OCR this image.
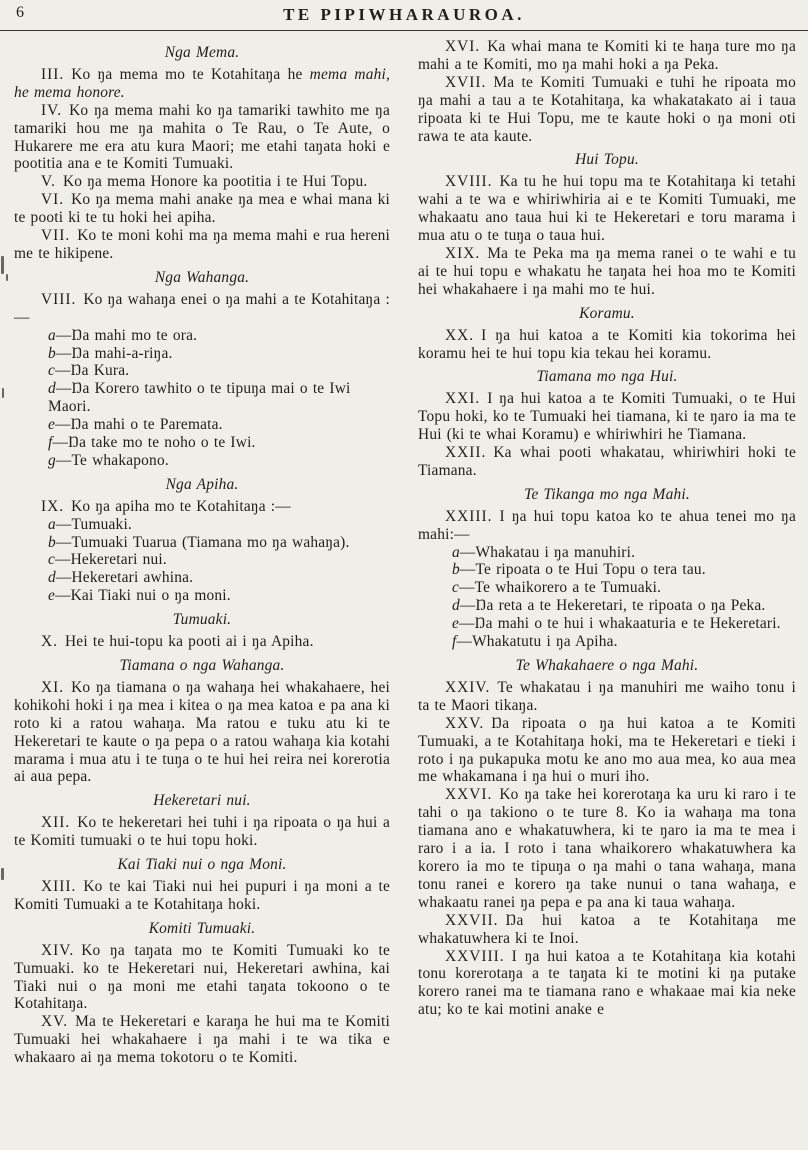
6	TE PIPIWHARAUROA.
Nga Mema.

III. Ko ŋa mema mo te Kotahitaŋa he mema mahi, he mema honore.

IV. Ko ŋa mema mahi ko ŋa tamariki tawhito me ŋa tamariki hou me ŋa mahita o Te Rau, o Te Aute, o Hukarere me era atu kura Maori; me etahi taŋata hoki e pootitia ana e te Komiti Tumuaki.

V. Ko ŋa mema Honore ka pootitia i te Hui Topu.

VI. Ko ŋa mema mahi anake ŋa mea e whai mana ki te pooti ki te tu hoki hei apiha.

VII. Ko te moni kohi ma ŋa mema mahi e rua hereni me te hikipene.

Nga Wahanga.

VIII. Ko ŋa wahaŋa enei o ŋa mahi a te Kotahitaŋa :—

a—Ŋa mahi mo te ora.

b—Ŋa mahi-a-riŋa.

c—Ŋa Kura.

d—Ŋa Korero tawhito o te tipuŋa mai o te Iwi Maori.

e—Ŋa mahi o te Paremata.

f—Ŋa take mo te noho o te Iwi.

g—Te whakapono.

Nga Apiha.

IX. Ko ŋa apiha mo te Kotahitaŋa :—

a—Tumuaki.

b—Tumuaki Tuarua (Tiamana mo ŋa wahaŋa).

c—Hekeretari nui.

d—Hekeretari awhina.

e—Kai Tiaki nui o ŋa moni.

Tumuaki.

X. Hei te hui-topu ka pooti ai i ŋa Apiha.

Tiamana o nga Wahanga.

XI. Ko ŋa tiamana o ŋa wahaŋa hei whakahaere, hei kohikohi hoki i ŋa mea i kitea o ŋa mea katoa e pa ana ki roto ki a ratou wahaŋa. Ma ratou e tuku atu ki te Hekeretari te kaute o ŋa pepa o a ratou wahaŋa kia kotahi marama i mua atu i te tuŋa o te hui hei reira nei korerotia ai aua pepa.

Hekeretari nui.

XII. Ko te hekeretari hei tuhi i ŋa ripoata o ŋa hui a te Komiti tumuaki o te hui topu hoki.

Kai Tiaki nui o nga Moni.

XIII. Ko te kai Tiaki nui hei pupuri i ŋa moni a te Komiti Tumuaki a te Kotahitaŋa hoki.

Komiti Tumuaki.

XIV. Ko ŋa taŋata mo te Komiti Tumuaki ko te Tumuaki. ko te Hekeretari nui, Hekeretari awhina, kai Tiaki nui o ŋa moni me etahi taŋata tokoono o te Kotahitaŋa.

XV. Ma te Hekeretari e karaŋa he hui ma te Komiti Tumuaki hei whakahaere i ŋa mahi i te wa tika e whakaaro ai ŋa mema tokotoru o te Komiti.

XVI. Ka whai mana te Komiti ki te haŋa ture mo ŋa mahi a te Komiti, mo ŋa mahi hoki a ŋa Peka.

XVII. Ma te Komiti Tumuaki e tuhi he ripoata mo ŋa mahi a tau a te Kotahitaŋa, ka whakatakato ai i taua ripoata ki te Hui Topu, me te kaute hoki o ŋa moni oti rawa te ata kaute.

Hui Topu.

XVIII. Ka tu he hui topu ma te Kotahitaŋa ki tetahi wahi a te wa e whiriwhiria ai e te Komiti Tumuaki, me whakaatu ano taua hui ki te Hekeretari e toru marama i mua atu o te tuŋa o taua hui.

XIX. Ma te Peka ma ŋa mema ranei o te wahi e tu ai te hui topu e whakatu he taŋata hei hoa mo te Komiti hei whakahaere i ŋa mahi mo te hui.

Koramu.

XX. I ŋa hui katoa a te Komiti kia tokorima hei koramu hei te hui topu kia tekau hei koramu.

Tiamana mo nga Hui.

XXI. I ŋa hui katoa a te Komiti Tumuaki, o te Hui Topu hoki, ko te Tumuaki hei tiamana, ki te ŋaro ia ma te Hui (ki te whai Koramu) e whiriwhiri he Tiamana.

XXII. Ka whai pooti whakatau, whiriwhiri hoki te Tiamana.

Te Tikanga mo nga Mahi.

XXIII. I ŋa hui topu katoa ko te ahua tenei mo ŋa mahi:—

a—Whakatau i ŋa manuhiri.

b—Te ripoata o te Hui Topu o tera tau.

c—Te whaikorero a te Tumuaki.

d—Ŋa reta a te Hekeretari, te ripoata o ŋa Peka.

e—Ŋa mahi o te hui i whakaaturia e te Hekeretari.

f—Whakatutu i ŋa Apiha.

Te Whakahaere o nga Mahi.

XXIV. Te whakatau i ŋa manuhiri me waiho tonu i ta te Maori tikaŋa.

XXV. Ŋa ripoata o ŋa hui katoa a te Komiti Tumuaki, a te Kotahitaŋa hoki, ma te Hekeretari e tieki i roto i ŋa pukapuka motu ke ano mo aua mea, ko aua mea me whakamana i ŋa hui o muri iho.

XXVI. Ko ŋa take hei korerotaŋa ka uru ki raro i te tahi o ŋa takiono o te ture 8. Ko ia wahaŋa ma tona tiamana ano e whakatuwhera, ki te ŋaro ia ma te mea i raro i a ia. I roto i tana whaikorero whakatuwhera ka korero ia mo te tipuŋa o ŋa mahi o tana wahaŋa, mana tonu ranei e korero ŋa take nunui o tana wahaŋa, e whakaatu ranei ŋa pepa e pa ana ki taua wahaŋa.

XXVII. Ŋa hui katoa a te Kotahitaŋa me whakatuwhera ki te Inoi.

XXVIII. I ŋa hui katoa a te Kotahitaŋa kia kotahi tonu korerotaŋa a te taŋata ki te motini ki ŋa putake korero ranei ma te tiamana rano e whakaae mai kia neke atu; ko te kai motini anake e
